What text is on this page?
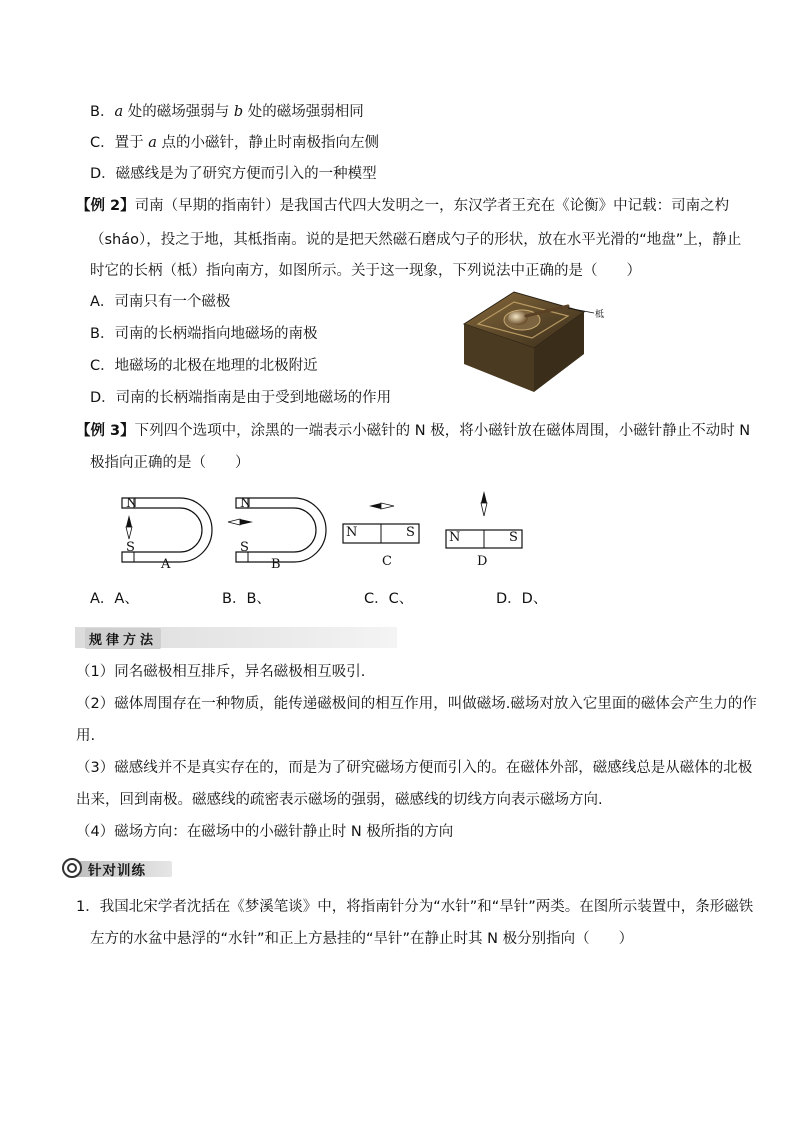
B．a 处的磁场强弱与 b 处的磁场强弱相同
C．置于 a 点的小磁针，静止时南极指向左侧
D．磁感线是为了研究方便而引入的一种模型
【例 2】司南（早期的指南针）是我国古代四大发明之一，东汉学者王充在《论衡》中记载：司南之杓
（sháo），投之于地，其柢指南。说的是把天然磁石磨成勺子的形状，放在水平光滑的“地盘”上，静止
时它的长柄（柢）指向南方，如图所示。关于这一现象，下列说法中正确的是（　　）
A．司南只有一个磁极
B．司南的长柄端指向地磁场的南极
C．地磁场的北极在地理的北极附近
D．司南的长柄端指南是由于受到地磁场的作用
柢
【例 3】下列四个选项中，涂黑的一端表示小磁针的 N 极，将小磁针放在磁体周围，小磁针静止不动时 N
极指向正确的是（　　）
N
S
N
S
N	S	N	S
A	B	C	D
A．A、	B．B、	C．C、	D．D、
规律方法
（1）同名磁极相互排斥，异名磁极相互吸引.
（2）磁体周围存在一种物质，能传递磁极间的相互作用，叫做磁场.磁场对放入它里面的磁体会产生力的作
用.
（3）磁感线并不是真实存在的，而是为了研究磁场方便而引入的。在磁体外部，磁感线总是从磁体的北极
出来，回到南极。磁感线的疏密表示磁场的强弱，磁感线的切线方向表示磁场方向.
（4）磁场方向：在磁场中的小磁针静止时 N 极所指的方向
针对训练
1．我国北宋学者沈括在《梦溪笔谈》中，将指南针分为“水针”和“旱针”两类。在图所示装置中，条形磁铁
左方的水盆中悬浮的“水针”和正上方悬挂的“旱针”在静止时其 N 极分别指向（　　）
